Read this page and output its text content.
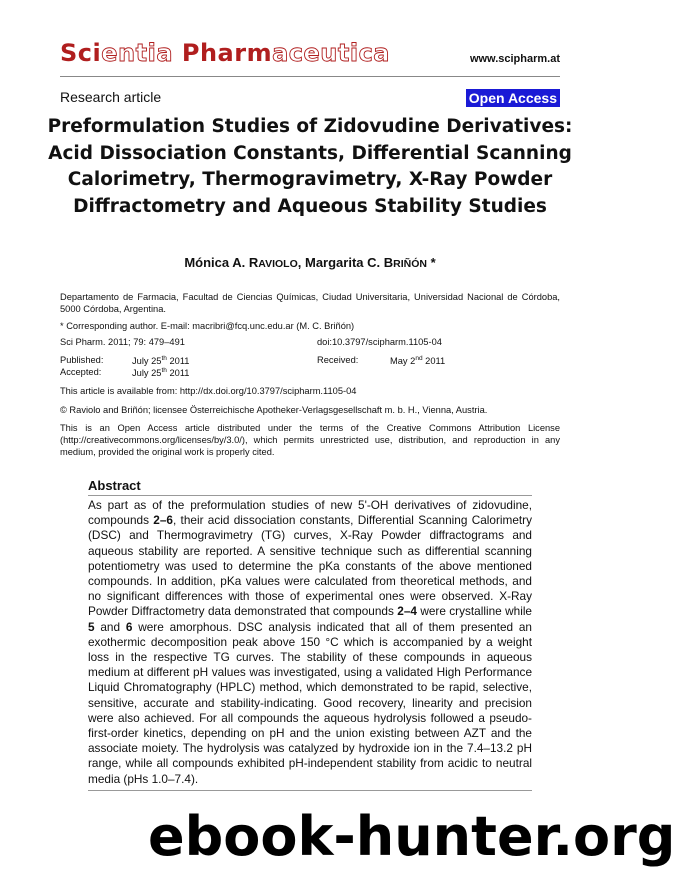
Scientia Pharmaceutica	www.scipharm.at
Research article	Open Access
Preformulation Studies of Zidovudine Derivatives: Acid Dissociation Constants, Differential Scanning Calorimetry, Thermogravimetry, X-Ray Powder Diffractometry and Aqueous Stability Studies
Mónica A. RAVIOLO, Margarita C. BRIÑÓN *
Departamento de Farmacia, Facultad de Ciencias Químicas, Ciudad Universitaria, Universidad Nacional de Córdoba, 5000 Córdoba, Argentina.
* Corresponding author. E-mail: macribri@fcq.unc.edu.ar (M. C. Briñón)
Sci Pharm. 2011; 79: 479–491	doi:10.3797/scipharm.1105-04
Published:	July 25th 2011	Received:	May 2nd 2011
Accepted:	July 25th 2011
This article is available from: http://dx.doi.org/10.3797/scipharm.1105-04
© Raviolo and Briñón; licensee Österreichische Apotheker-Verlagsgesellschaft m. b. H., Vienna, Austria.
This is an Open Access article distributed under the terms of the Creative Commons Attribution License (http://creativecommons.org/licenses/by/3.0/), which permits unrestricted use, distribution, and reproduction in any medium, provided the original work is properly cited.
Abstract
As part as of the preformulation studies of new 5'-OH derivatives of zidovudine, compounds 2–6, their acid dissociation constants, Differential Scanning Calorimetry (DSC) and Thermogravimetry (TG) curves, X-Ray Powder diffractograms and aqueous stability are reported. A sensitive technique such as differential scanning potentiometry was used to determine the pKa constants of the above mentioned compounds. In addition, pKa values were calculated from theoretical methods, and no significant differences with those of experimental ones were observed. X-Ray Powder Diffractometry data demonstrated that compounds 2–4 were crystalline while 5 and 6 were amorphous. DSC analysis indicated that all of them presented an exothermic decomposition peak above 150 °C which is accompanied by a weight loss in the respective TG curves. The stability of these compounds in aqueous medium at different pH values was investigated, using a validated High Performance Liquid Chromatography (HPLC) method, which demonstrated to be rapid, selective, sensitive, accurate and stability-indicating. Good recovery, linearity and precision were also achieved. For all compounds the aqueous hydrolysis followed a pseudo-first-order kinetics, depending on pH and the union existing between AZT and the associate moiety. The hydrolysis was catalyzed by hydroxide ion in the 7.4–13.2 pH range, while all compounds exhibited pH-independent stability from acidic to neutral media (pHs 1.0–7.4).
ebook-hunter.org
